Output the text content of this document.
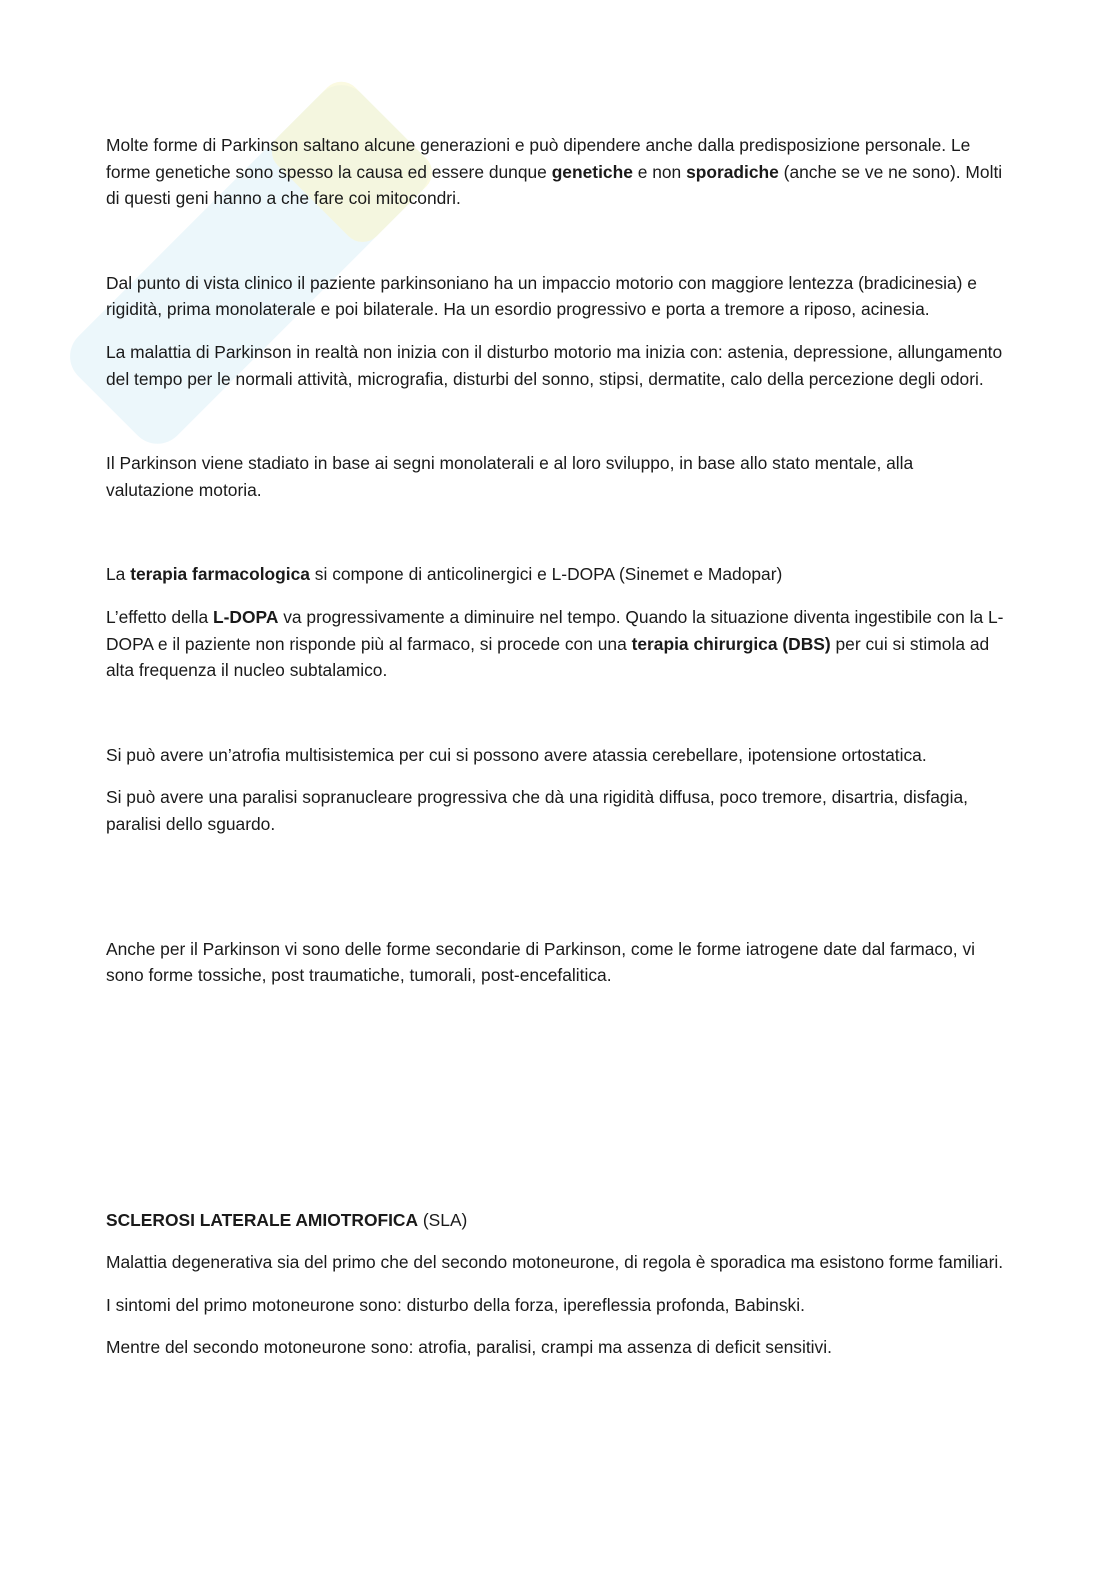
Molte forme di Parkinson saltano alcune generazioni e può dipendere anche dalla predisposizione personale. Le forme genetiche sono spesso la causa ed essere dunque genetiche e non sporadiche (anche se ve ne sono). Molti di questi geni hanno a che fare coi mitocondri.

Dal punto di vista clinico il paziente parkinsoniano ha un impaccio motorio con maggiore lentezza (bradicinesia) e rigidità, prima monolaterale e poi bilaterale. Ha un esordio progressivo e porta a tremore a riposo, acinesia.

La malattia di Parkinson in realtà non inizia con il disturbo motorio ma inizia con: astenia, depressione, allungamento del tempo per le normali attività, micrografia, disturbi del sonno, stipsi, dermatite, calo della percezione degli odori.

Il Parkinson viene stadiato in base ai segni monolaterali e al loro sviluppo, in base allo stato mentale, alla valutazione motoria.

La terapia farmacologica si compone di anticolinergici e L-DOPA (Sinemet e Madopar)

L’effetto della L-DOPA va progressivamente a diminuire nel tempo. Quando la situazione diventa ingestibile con la L-DOPA e il paziente non risponde più al farmaco, si procede con una terapia chirurgica (DBS) per cui si stimola ad alta frequenza il nucleo subtalamico.

Si può avere un’atrofia multisistemica per cui si possono avere atassia cerebellare, ipotensione ortostatica.

Si può avere una paralisi sopranucleare progressiva che dà una rigidità diffusa, poco tremore, disartria, disfagia, paralisi dello sguardo.

Anche per il Parkinson vi sono delle forme secondarie di Parkinson, come le forme iatrogene date dal farmaco, vi sono forme tossiche, post traumatiche, tumorali, post-encefalitica.

SCLEROSI LATERALE AMIOTROFICA (SLA)

Malattia degenerativa sia del primo che del secondo motoneurone, di regola è sporadica ma esistono forme familiari.

I sintomi del primo motoneurone sono: disturbo della forza, ipereflessia profonda, Babinski.

Mentre del secondo motoneurone sono: atrofia, paralisi, crampi ma assenza di deficit sensitivi.
